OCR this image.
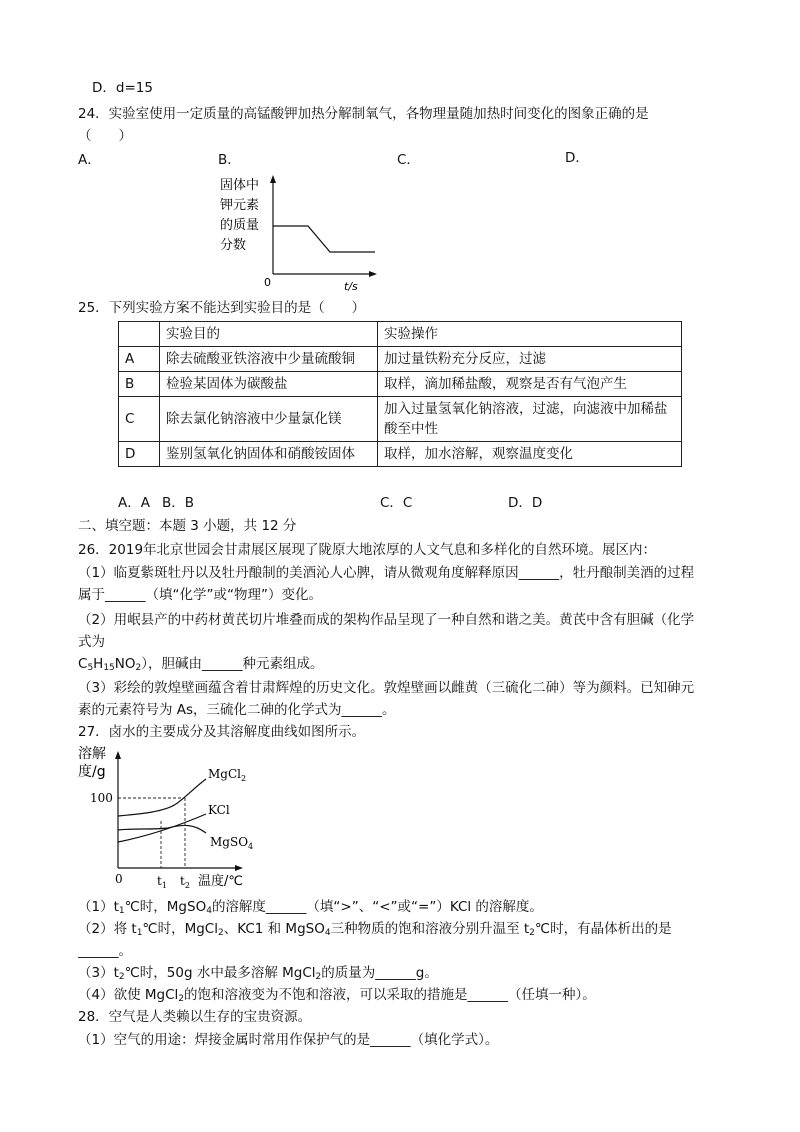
D．d=15
24．实验室使用一定质量的高锰酸钾加热分解制氧气，各物理量随加热时间变化的图象正确的是
（　　）
A．	B．	C．	D．
固体中
钾元素
的质量
分数
0	t/s
25．下列实验方案不能达到实验目的是（　　）
	实验目的	实验操作
A	除去硫酸亚铁溶液中少量硫酸铜	加过量铁粉充分反应，过滤
B	检验某固体为碳酸盐	取样，滴加稀盐酸，观察是否有气泡产生
C	除去氯化钠溶液中少量氯化镁	加入过量氢氧化钠溶液，过滤，向滤液中加稀盐酸至中性
D	鉴别氢氧化钠固体和硝酸铵固体	取样，加水溶解，观察温度变化
A．A B．B	C．C	D．D
二、填空题：本题 3 小题，共 12 分
26．2019年北京世园会甘肃展区展现了陇原大地浓厚的人文气息和多样化的自然环境。展区内：
（1）临夏紫斑牡丹以及牡丹酿制的美酒沁人心脾，请从微观角度解释原因______，牡丹酿制美酒的过程
属于______（填“化学”或“物理”）变化。
（2）用岷县产的中药材黄芪切片堆叠而成的架构作品呈现了一种自然和谐之美。黄芪中含有胆碱（化学
式为
$C_5H_{15}NO_2$），胆碱由______种元素组成。
（3）彩绘的敦煌壁画蕴含着甘肃辉煌的历史文化。敦煌壁画以雌黄（三硫化二砷）等为颜料。已知砷元
素的元素符号为 As，三硫化二砷的化学式为______。
27．卤水的主要成分及其溶解度曲线如图所示。
溶解
度/g
100
MgCl$_2$
KCl
MgSO$_4$
0	$t_1$ $t_2$ 温度/℃
$(1)t_1℃$时，MgSO$_4$的溶解度______（填“>”、“<”或“=”）KCl 的溶解度。
（2）将 $t_1℃$时，MgCl$_2$、KC1 和 MgSO$_4$三种物质的饱和溶液分别升温至 $t_2℃$时，有晶体析出的是
______。
$(3)t_2℃$时，50g 水中最多溶解 MgCl$_2$的质量为______g。
（4）欲使 MgCl$_2$的饱和溶液变为不饱和溶液，可以采取的措施是______（任填一种）。
28．空气是人类赖以生存的宝贵资源。
（1）空气的用途：焊接金属时常用作保护气的是______（填化学式）。
